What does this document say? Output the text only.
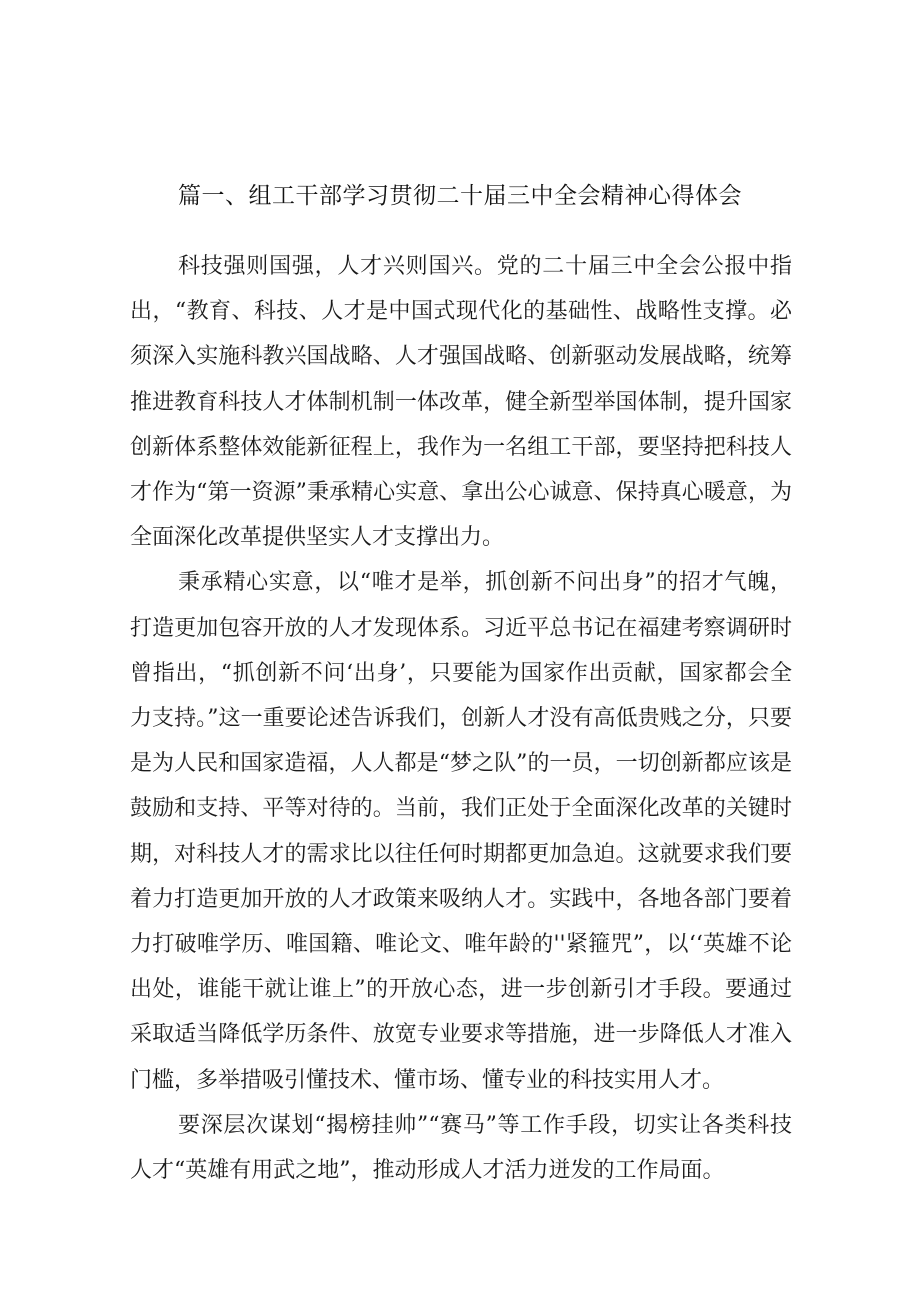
篇一、组工干部学习贯彻二十届三中全会精神心得体会

科技强则国强，人才兴则国兴。党的二十届三中全会公报中指出，“教育、科技、人才是中国式现代化的基础性、战略性支撑。必须深入实施科教兴国战略、人才强国战略、创新驱动发展战略，统筹推进教育科技人才体制机制一体改革，健全新型举国体制，提升国家创新体系整体效能新征程上，我作为一名组工干部，要坚持把科技人才作为“第一资源”秉承精心实意、拿出公心诚意、保持真心暖意，为全面深化改革提供坚实人才支撑出力。

秉承精心实意，以“唯才是举，抓创新不问出身”的招才气魄，打造更加包容开放的人才发现体系。习近平总书记在福建考察调研时曾指出，“抓创新不问‘出身’，只要能为国家作出贡献，国家都会全力支持。”这一重要论述告诉我们，创新人才没有高低贵贱之分，只要是为人民和国家造福，人人都是“梦之队”的一员，一切创新都应该是鼓励和支持、平等对待的。当前，我们正处于全面深化改革的关键时期，对科技人才的需求比以往任何时期都更加急迫。这就要求我们要着力打造更加开放的人才政策来吸纳人才。实践中，各地各部门要着力打破唯学历、唯国籍、唯论文、唯年龄的''紧箍咒”，以‘‘英雄不论出处，谁能干就让谁上”的开放心态，进一步创新引才手段。要通过采取适当降低学历条件、放宽专业要求等措施，进一步降低人才准入门槛，多举措吸引懂技术、懂市场、懂专业的科技实用人才。

要深层次谋划“揭榜挂帅”“赛马”等工作手段，切实让各类科技人才“英雄有用武之地”，推动形成人才活力迸发的工作局面。
